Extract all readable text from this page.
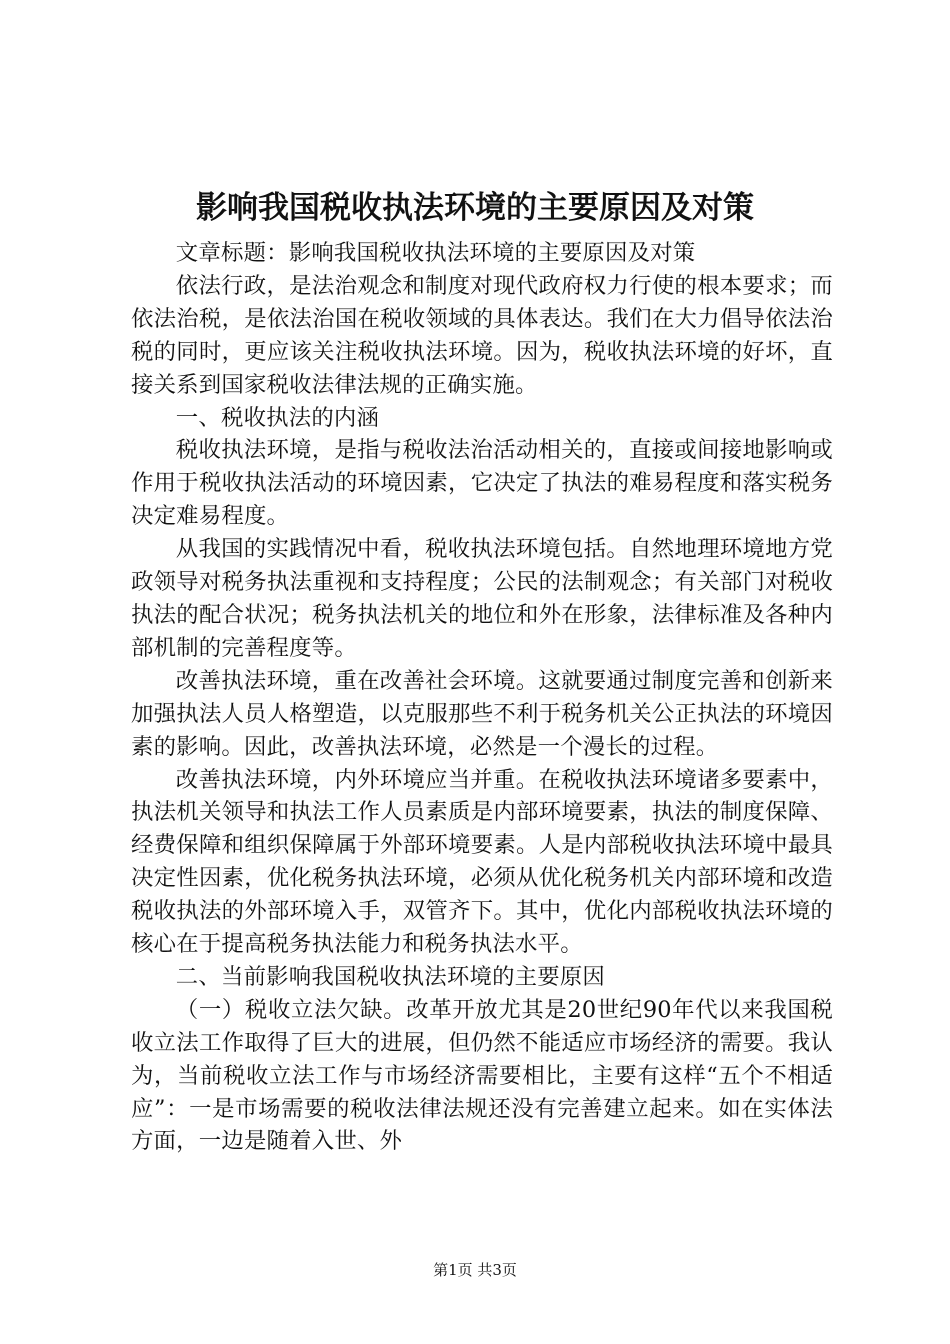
影响我国税收执法环境的主要原因及对策

文章标题：影响我国税收执法环境的主要原因及对策

依法行政，是法治观念和制度对现代政府权力行使的根本要求；而依法治税，是依法治国在税收领域的具体表达。我们在大力倡导依法治税的同时，更应该关注税收执法环境。因为，税收执法环境的好坏，直接关系到国家税收法律法规的正确实施。

一、税收执法的内涵

税收执法环境，是指与税收法治活动相关的，直接或间接地影响或作用于税收执法活动的环境因素，它决定了执法的难易程度和落实税务决定难易程度。

从我国的实践情况中看，税收执法环境包括。自然地理环境地方党政领导对税务执法重视和支持程度；公民的法制观念；有关部门对税收执法的配合状况；税务执法机关的地位和外在形象，法律标准及各种内部机制的完善程度等。

改善执法环境，重在改善社会环境。这就要通过制度完善和创新来加强执法人员人格塑造，以克服那些不利于税务机关公正执法的环境因素的影响。因此，改善执法环境，必然是一个漫长的过程。

改善执法环境，内外环境应当并重。在税收执法环境诸多要素中，执法机关领导和执法工作人员素质是内部环境要素，执法的制度保障、经费保障和组织保障属于外部环境要素。人是内部税收执法环境中最具决定性因素，优化税务执法环境，必须从优化税务机关内部环境和改造税收执法的外部环境入手，双管齐下。其中，优化内部税收执法环境的核心在于提高税务执法能力和税务执法水平。

二、当前影响我国税收执法环境的主要原因

（一）税收立法欠缺。改革开放尤其是20世纪90年代以来我国税收立法工作取得了巨大的进展，但仍然不能适应市场经济的需要。我认为，当前税收立法工作与市场经济需要相比，主要有这样“五个不相适应”：一是市场需要的税收法律法规还没有完善建立起来。如在实体法方面，一边是随着入世、外

第1页 共3页
